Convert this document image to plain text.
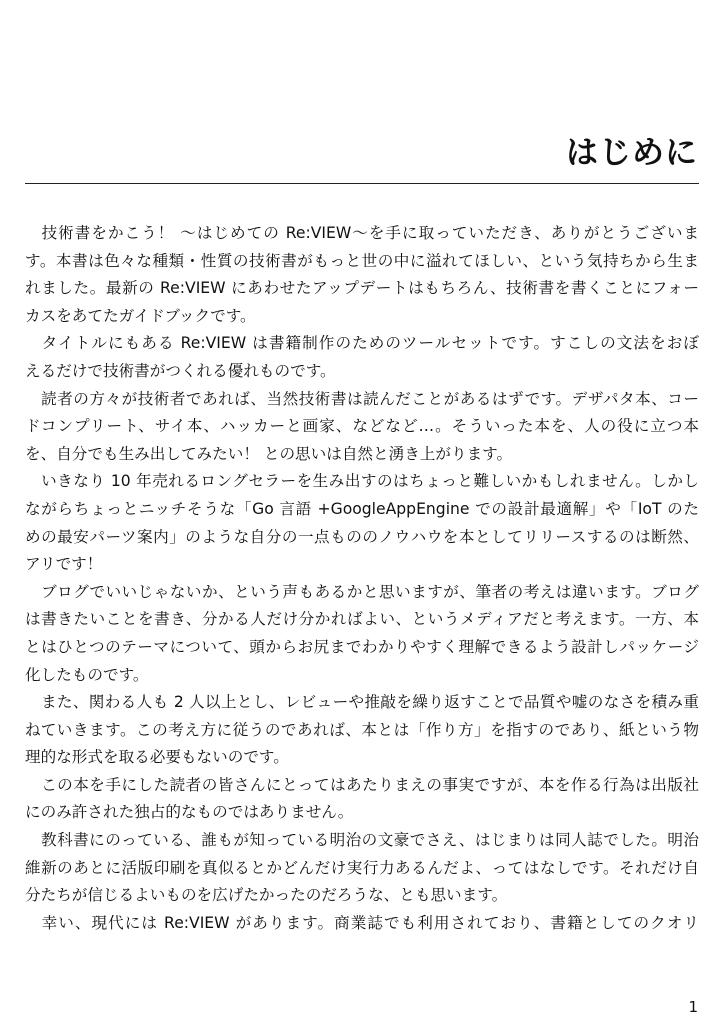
はじめに
　技術書をかこう！ 〜はじめての Re:VIEW〜を手に取っていただき、ありがとうございま
す。本書は色々な種類・性質の技術書がもっと世の中に溢れてほしい、という気持ちから生ま
れました。最新の Re:VIEW にあわせたアップデートはもちろん、技術書を書くことにフォー
カスをあてたガイドブックです。
　タイトルにもある Re:VIEW は書籍制作のためのツールセットです。すこしの文法をおぼ
えるだけで技術書がつくれる優れものです。
　読者の方々が技術者であれば、当然技術書は読んだことがあるはずです。デザパタ本、コー
ドコンプリート、サイ本、ハッカーと画家、などなど…。そういった本を、人の役に立つ本
を、自分でも生み出してみたい！ との思いは自然と湧き上がります。
　いきなり 10 年売れるロングセラーを生み出すのはちょっと難しいかもしれません。しかし
ながらちょっとニッチそうな「Go 言語 +GoogleAppEngine での設計最適解」や「IoT のた
めの最安パーツ案内」のような自分の一点もののノウハウを本としてリリースするのは断然、
アリです！
　ブログでいいじゃないか、という声もあるかと思いますが、筆者の考えは違います。ブログ
は書きたいことを書き、分かる人だけ分かればよい、というメディアだと考えます。一方、本
とはひとつのテーマについて、頭からお尻までわかりやすく理解できるよう設計しパッケージ
化したものです。
　また、関わる人も 2 人以上とし、レビューや推敲を繰り返すことで品質や嘘のなさを積み重
ねていきます。この考え方に従うのであれば、本とは「作り方」を指すのであり、紙という物
理的な形式を取る必要もないのです。
　この本を手にした読者の皆さんにとってはあたりまえの事実ですが、本を作る行為は出版社
にのみ許された独占的なものではありません。
　教科書にのっている、誰もが知っている明治の文豪でさえ、はじまりは同人誌でした。明治
維新のあとに活版印刷を真似るとかどんだけ実行力あるんだよ、ってはなしです。それだけ自
分たちが信じるよいものを広げたかったのだろうな、とも思います。
　幸い、現代には Re:VIEW があります。商業誌でも利用されており、書籍としてのクオリ
1
